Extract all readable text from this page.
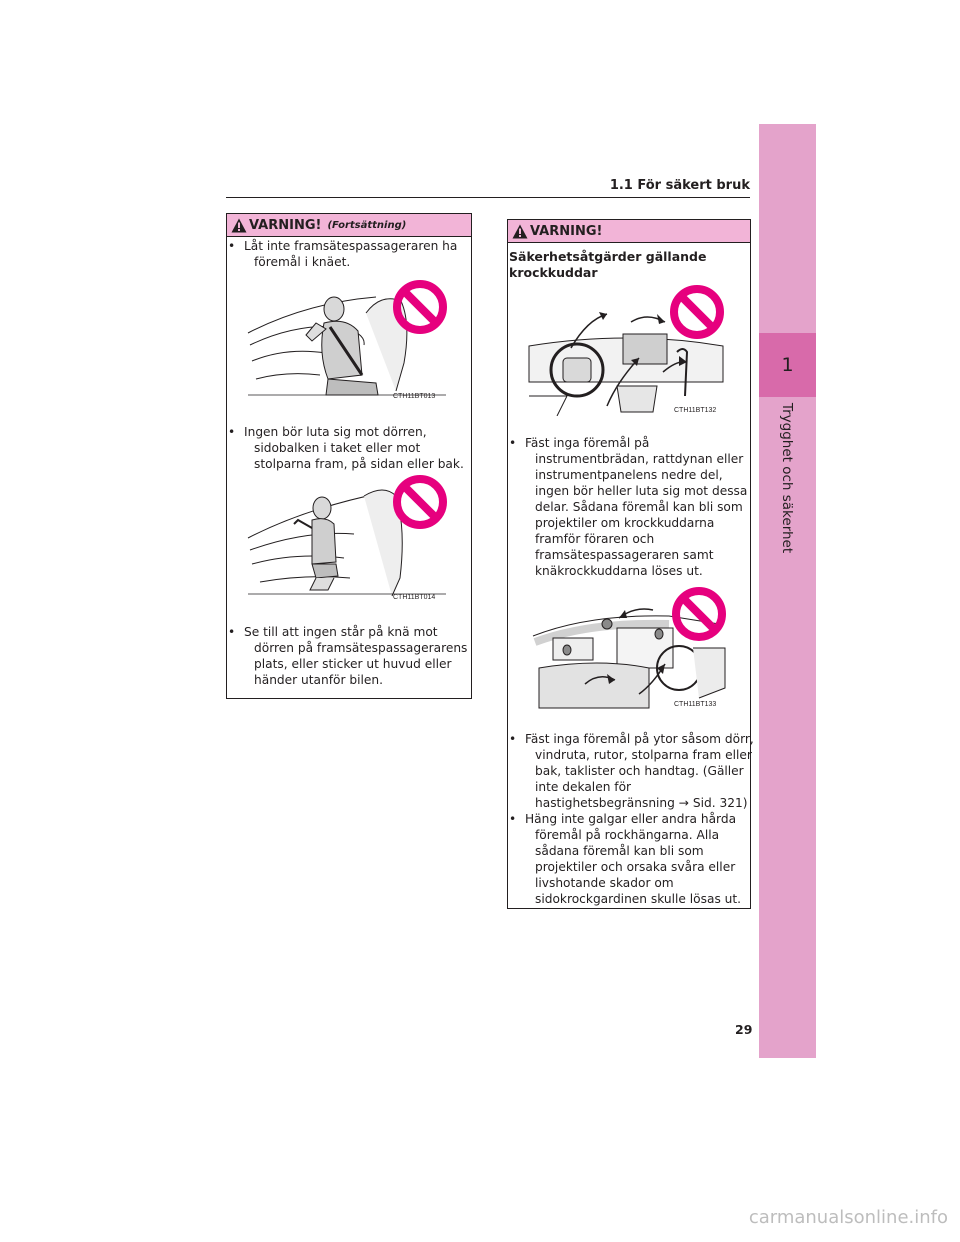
1
Trygghet och säkerhet
1.1 För säkert bruk
VARNING! (Fortsättning)
• Låt inte framsätespassageraren ha
föremål i knäet.
CTH11BT013
• Ingen bör luta sig mot dörren,
sidobalken i taket eller mot
stolparna fram, på sidan eller bak.
CTH11BT014
• Se till att ingen står på knä mot
dörren på framsätespassagerarens
plats, eller sticker ut huvud eller
händer utanför bilen.
VARNING!
Säkerhetsåtgärder gällande
krockkuddar
CTH11BT132
• Fäst inga föremål på
instrumentbrädan, rattdynan eller
instrumentpanelens nedre del,
ingen bör heller luta sig mot dessa
delar. Sådana föremål kan bli som
projektiler om krockkuddarna
framför föraren och
framsätespassageraren samt
knäkrockkuddarna löses ut.
CTH11BT133
• Fäst inga föremål på ytor såsom dörr,
vindruta, rutor, stolparna fram eller
bak, taklister och handtag. (Gäller
inte dekalen för
hastighetsbegränsning → Sid. 321)
• Häng inte galgar eller andra hårda
föremål på rockhängarna. Alla
sådana föremål kan bli som
projektiler och orsaka svåra eller
livshotande skador om
sidokrockgardinen skulle lösas ut.
29
carmanualsonline.info
